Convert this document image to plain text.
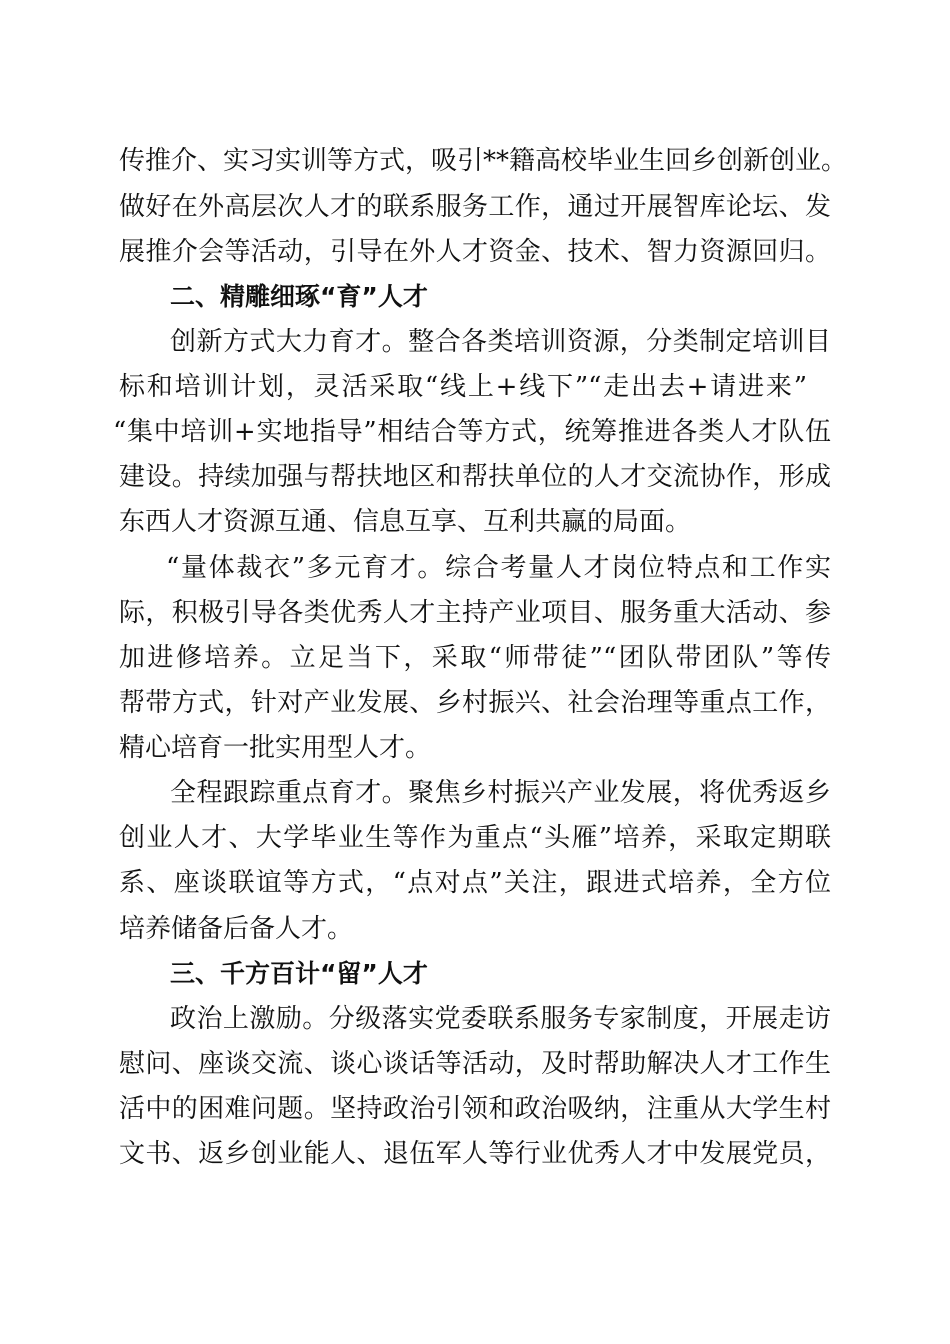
传推介、实习实训等方式，吸引**籍高校毕业生回乡创新创业。

做好在外高层次人才的联系服务工作，通过开展智库论坛、发

展推介会等活动，引导在外人才资金、技术、智力资源回归。

二、精雕细琢“育”人才

创新方式大力育才。整合各类培训资源，分类制定培训目

标和培训计划，灵活采取“线上+线下”“走出去+请进来”

“集中培训+实地指导”相结合等方式，统筹推进各类人才队伍

建设。持续加强与帮扶地区和帮扶单位的人才交流协作，形成

东西人才资源互通、信息互享、互利共赢的局面。

“量体裁衣”多元育才。综合考量人才岗位特点和工作实

际，积极引导各类优秀人才主持产业项目、服务重大活动、参

加进修培养。立足当下，采取“师带徒”“团队带团队”等传

帮带方式，针对产业发展、乡村振兴、社会治理等重点工作，

精心培育一批实用型人才。

全程跟踪重点育才。聚焦乡村振兴产业发展，将优秀返乡

创业人才、大学毕业生等作为重点“头雁”培养，采取定期联

系、座谈联谊等方式，“点对点”关注，跟进式培养，全方位

培养储备后备人才。

三、千方百计“留”人才

政治上激励。分级落实党委联系服务专家制度，开展走访

慰问、座谈交流、谈心谈话等活动，及时帮助解决人才工作生

活中的困难问题。坚持政治引领和政治吸纳，注重从大学生村

文书、返乡创业能人、退伍军人等行业优秀人才中发展党员，
